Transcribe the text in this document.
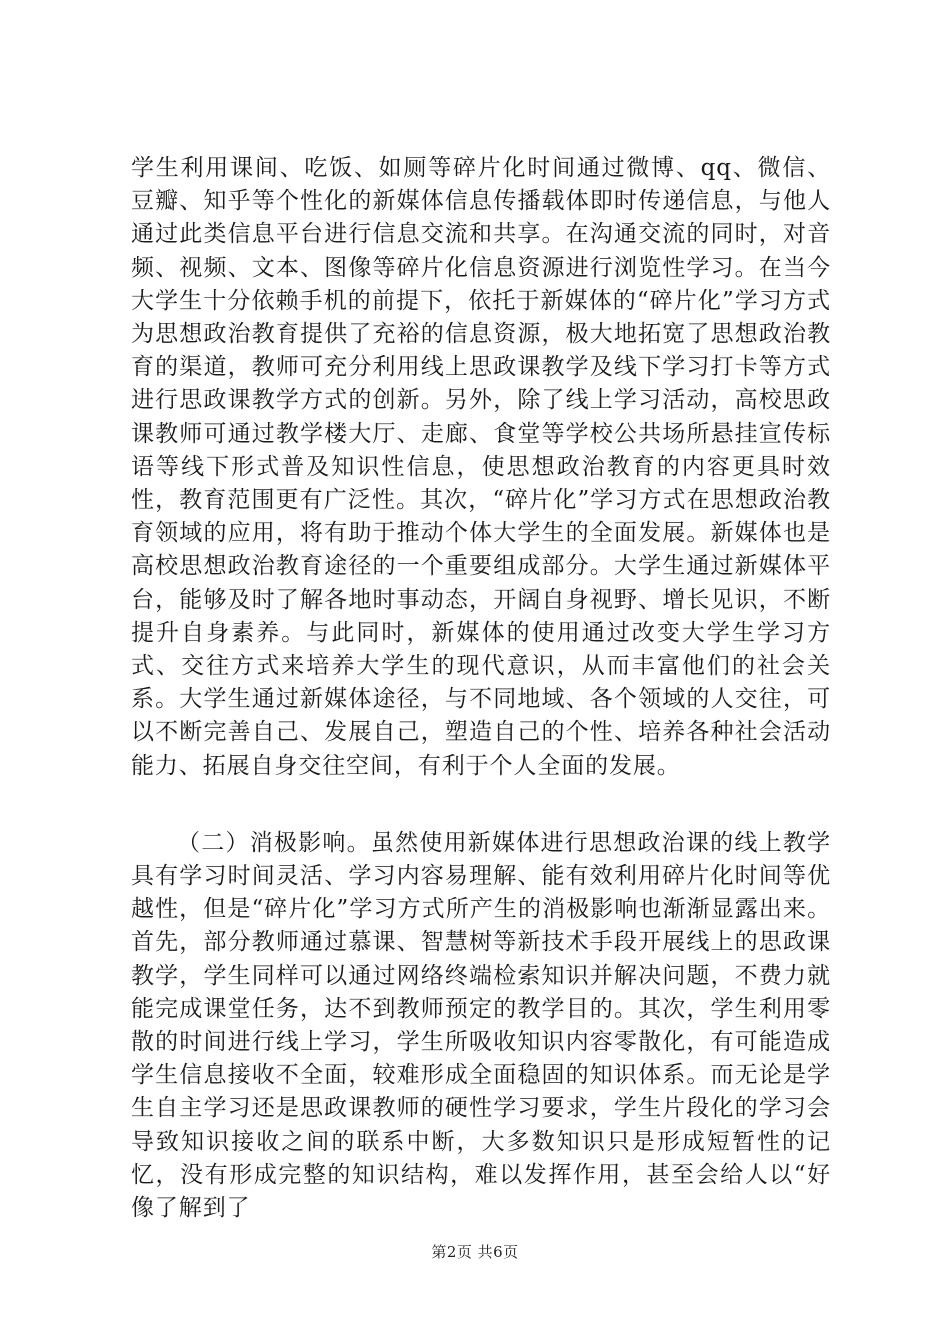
学生利用课间、吃饭、如厕等碎片化时间通过微博、qq、微信、豆瓣、知乎等个性化的新媒体信息传播载体即时传递信息，与他人通过此类信息平台进行信息交流和共享。在沟通交流的同时，对音频、视频、文本、图像等碎片化信息资源进行浏览性学习。在当今大学生十分依赖手机的前提下，依托于新媒体的“碎片化”学习方式为思想政治教育提供了充裕的信息资源，极大地拓宽了思想政治教育的渠道，教师可充分利用线上思政课教学及线下学习打卡等方式进行思政课教学方式的创新。另外，除了线上学习活动，高校思政课教师可通过教学楼大厅、走廊、食堂等学校公共场所悬挂宣传标语等线下形式普及知识性信息，使思想政治教育的内容更具时效性，教育范围更有广泛性。其次，“碎片化”学习方式在思想政治教育领域的应用，将有助于推动个体大学生的全面发展。新媒体也是高校思想政治教育途径的一个重要组成部分。大学生通过新媒体平台，能够及时了解各地时事动态，开阔自身视野、增长见识，不断提升自身素养。与此同时，新媒体的使用通过改变大学生学习方式、交往方式来培养大学生的现代意识，从而丰富他们的社会关系。大学生通过新媒体途径，与不同地域、各个领域的人交往，可以不断完善自己、发展自己，塑造自己的个性、培养各种社会活动能力、拓展自身交往空间，有利于个人全面的发展。

（二）消极影响。虽然使用新媒体进行思想政治课的线上教学具有学习时间灵活、学习内容易理解、能有效利用碎片化时间等优越性，但是“碎片化”学习方式所产生的消极影响也渐渐显露出来。首先，部分教师通过慕课、智慧树等新技术手段开展线上的思政课教学，学生同样可以通过网络终端检索知识并解决问题，不费力就能完成课堂任务，达不到教师预定的教学目的。其次，学生利用零散的时间进行线上学习，学生所吸收知识内容零散化，有可能造成学生信息接收不全面，较难形成全面稳固的知识体系。而无论是学生自主学习还是思政课教师的硬性学习要求，学生片段化的学习会导致知识接收之间的联系中断，大多数知识只是形成短暂性的记忆，没有形成完整的知识结构，难以发挥作用，甚至会给人以“好像了解到了

第2页 共6页
